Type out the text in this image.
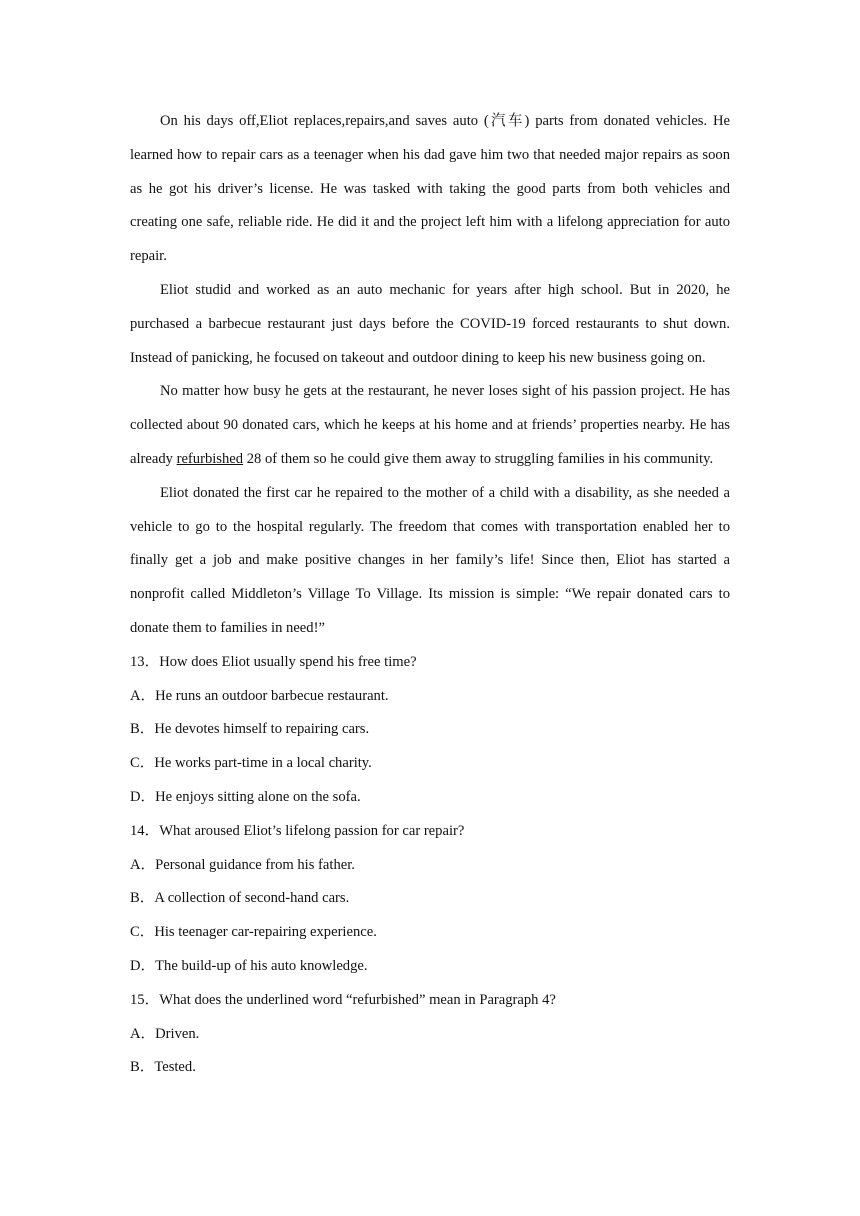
On his days off,Eliot replaces,repairs,and saves auto (汽车) parts from donated vehicles. He learned how to repair cars as a teenager when his dad gave him two that needed major repairs as soon as he got his driver’s license. He was tasked with taking the good parts from both vehicles and creating one safe, reliable ride. He did it and the project left him with a lifelong appreciation for auto repair.

Eliot studid and worked as an auto mechanic for years after high school. But in 2020, he purchased a barbecue restaurant just days before the COVID-19 forced restaurants to shut down. Instead of panicking, he focused on takeout and outdoor dining to keep his new business going on.

No matter how busy he gets at the restaurant, he never loses sight of his passion project. He has collected about 90 donated cars, which he keeps at his home and at friends’ properties nearby. He has already refurbished 28 of them so he could give them away to struggling families in his community.

Eliot donated the first car he repaired to the mother of a child with a disability, as she needed a vehicle to go to the hospital regularly. The freedom that comes with transportation enabled her to finally get a job and make positive changes in her family’s life! Since then, Eliot has started a nonprofit called Middleton’s Village To Village. Its mission is simple: “We repair donated cars to donate them to families in need!”

13．How does Eliot usually spend his free time?
A．He runs an outdoor barbecue restaurant.
B．He devotes himself to repairing cars.
C．He works part-time in a local charity.
D．He enjoys sitting alone on the sofa.
14．What aroused Eliot’s lifelong passion for car repair?
A．Personal guidance from his father.
B．A collection of second-hand cars.
C．His teenager car-repairing experience.
D．The build-up of his auto knowledge.
15．What does the underlined word “refurbished” mean in Paragraph 4?
A．Driven.
B．Tested.
